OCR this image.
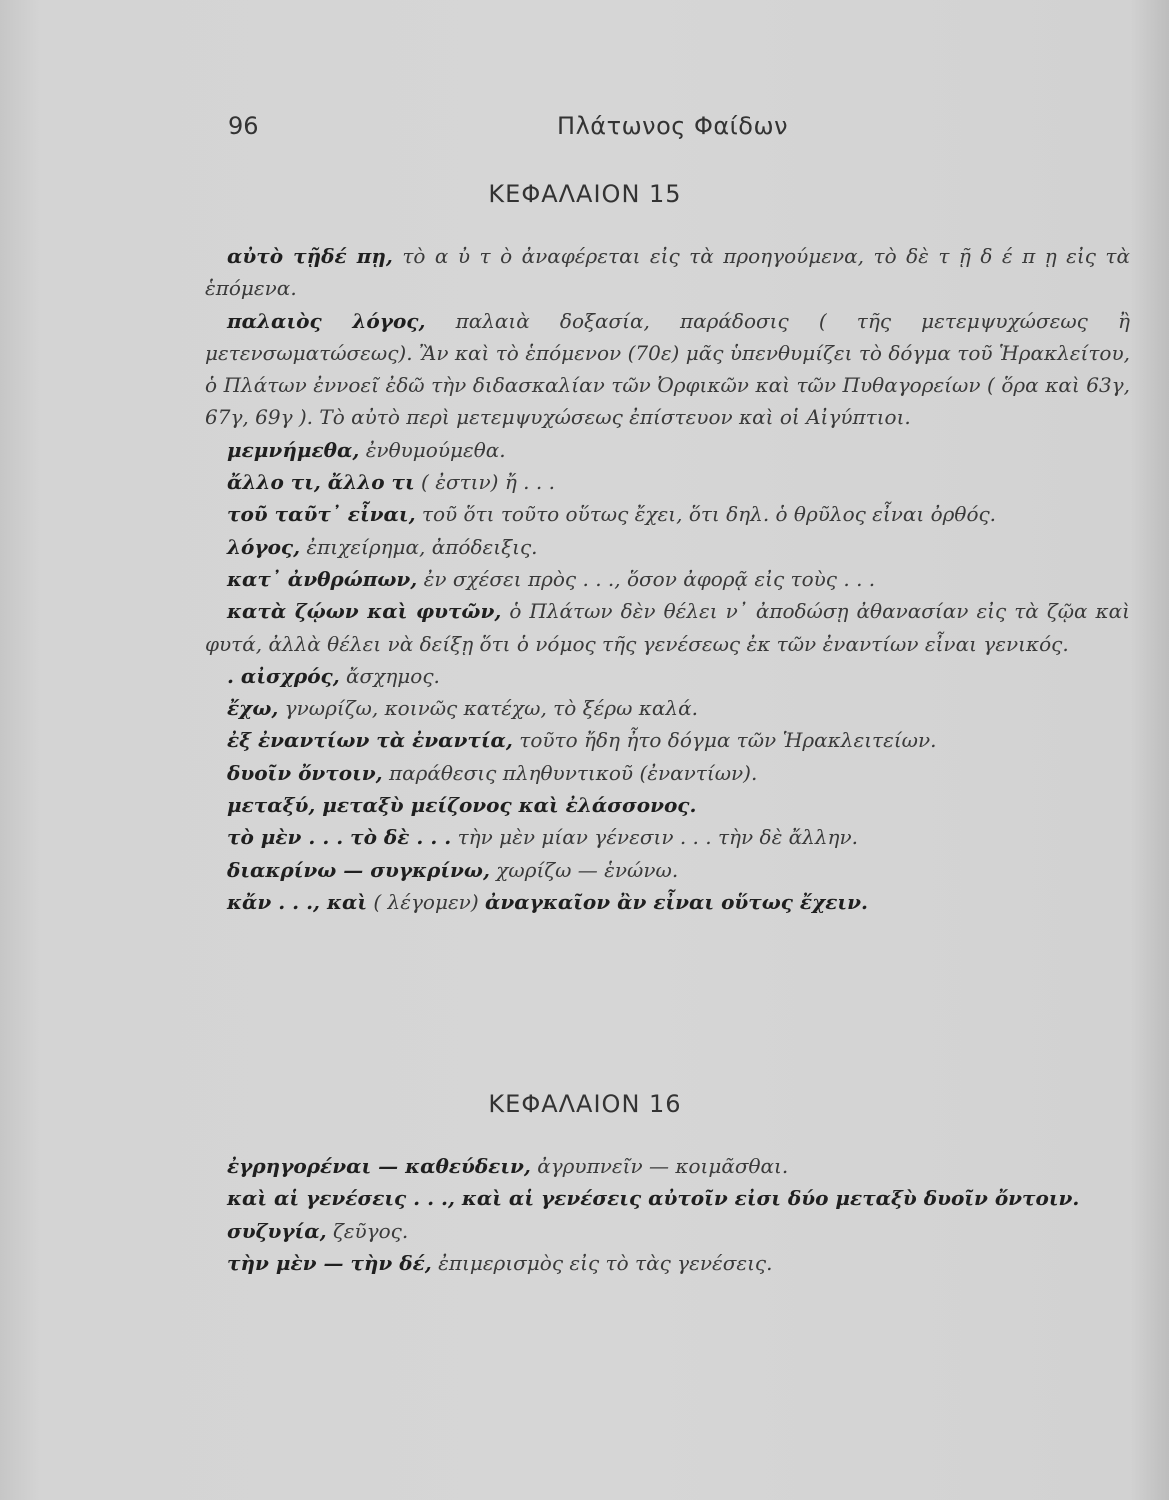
96	Πλάτωνος Φαίδων
ΚΕΦΑΛΑΙΟΝ 15

αὐτὸ τῇδέ πῃ, τὸ α ὐ τ ὸ ἀναφέρεται εἰς τὰ προηγούμενα, τὸ δὲ τ ῇ δ έ π ῃ εἰς τὰ ἑπόμενα.

παλαιὸς λόγος, παλαιὰ δοξασία, παράδοσις ( τῆς μετεμψυχώσεως ἢ μετενσωματώσεως). Ἂν καὶ τὸ ἑπόμενον (70ε) μᾶς ὑπενθυμίζει τὸ δόγμα τοῦ Ἡρακλείτου, ὁ Πλάτων ἐννοεῖ ἐδῶ τὴν διδασκαλίαν τῶν Ὀρφικῶν καὶ τῶν Πυθαγορείων ( ὅρα καὶ 63γ, 67γ, 69γ ). Τὸ αὐτὸ περὶ μετεμψυχώσεως ἐπίστευον καὶ οἱ Αἰγύπτιοι.

μεμνήμεθα, ἐνθυμούμεθα.

ἄλλο τι, ἄλλο τι ( ἐστιν) ἤ . . .

τοῦ ταῦτ᾿ εἶναι, τοῦ ὅτι τοῦτο οὕτως ἔχει, ὅτι δηλ. ὁ θρῦλος εἶναι ὀρθός.

λόγος, ἐπιχείρημα, ἀπόδειξις.

κατ᾿ ἀνθρώπων, ἐν σχέσει πρὸς . . ., ὅσον ἀφορᾷ εἰς τοὺς . . .

κατὰ ζῴων καὶ φυτῶν, ὁ Πλάτων δὲν θέλει ν᾿ ἀποδώσῃ ἀθανασίαν εἰς τὰ ζῷα καὶ φυτά, ἀλλὰ θέλει νὰ δείξῃ ὅτι ὁ νόμος τῆς γενέσεως ἐκ τῶν ἐναντίων εἶναι γενικός.

. αἰσχρός, ἄσχημος.

ἔχω, γνωρίζω, κοινῶς κατέχω, τὸ ξέρω καλά.

ἐξ ἐναντίων τὰ ἐναντία, τοῦτο ἤδη ἦτο δόγμα τῶν Ἡρακλειτείων.

δυοῖν ὄντοιν, παράθεσις πληθυντικοῦ (ἐναντίων).

μεταξύ, μεταξὺ μείζονος καὶ ἐλάσσονος.

τὸ μὲν . . . τὸ δὲ . . . τὴν μὲν μίαν γένεσιν . . . τὴν δὲ ἄλλην.

διακρίνω — συγκρίνω, χωρίζω — ἑνώνω.

κἄν . . ., καὶ ( λέγομεν) ἀναγκαῖον ἂν εἶναι οὕτως ἔχειν.

ΚΕΦΑΛΑΙΟΝ 16

ἐγρηγορέναι — καθεύδειν, ἀγρυπνεῖν — κοιμᾶσθαι.

καὶ αἱ γενέσεις . . ., καὶ αἱ γενέσεις αὐτοῖν εἰσι δύο μεταξὺ δυοῖν ὄντοιν.

συζυγία, ζεῦγος.

τὴν μὲν — τὴν δέ, ἐπιμερισμὸς εἰς τὸ τὰς γενέσεις.
